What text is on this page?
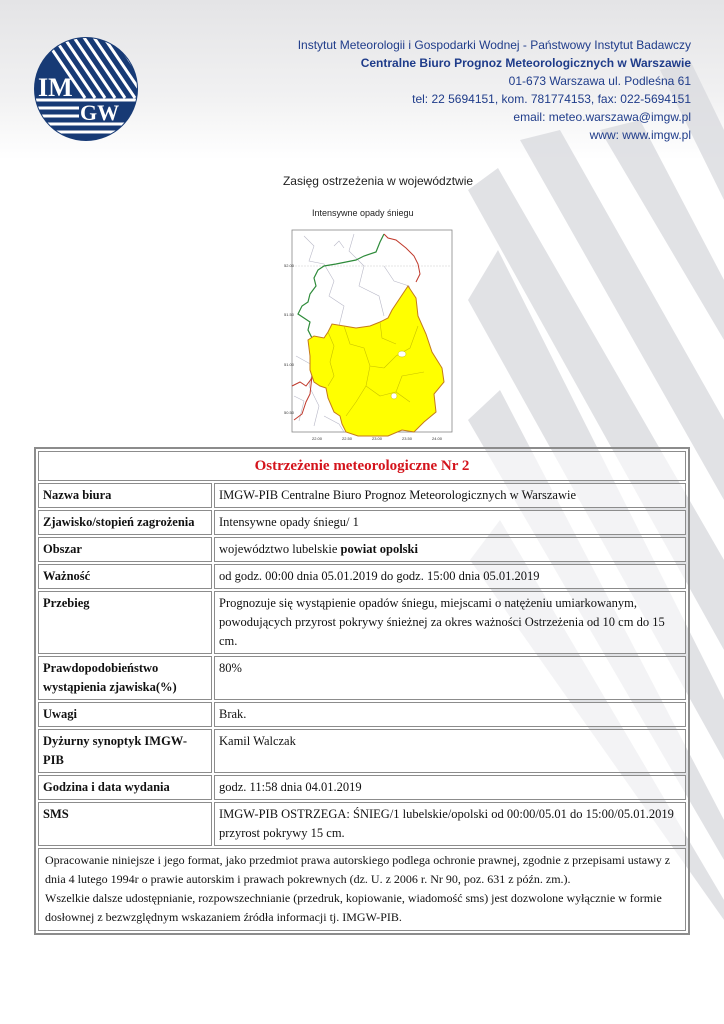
IM
GW
Instytut Meteorologii i Gospodarki Wodnej - Państwowy Instytut Badawczy
Centralne Biuro Prognoz Meteorologicznych w Warszawie
01-673 Warszawa ul. Podleśna 61
tel: 22 5694151, kom. 781774153, fax: 022-5694151
email: meteo.warszawa@imgw.pl
www: www.imgw.pl
Zasięg ostrzeżenia w województwie
Intensywne opady śniegu
52.00
51.50
51.00
50.50
22.00	22.50	23.00	23.50	24.00
Ostrzeżenie meteorologiczne Nr 2	
Nazwa biura	IMGW-PIB Centralne Biuro Prognoz Meteorologicznych w Warszawie
Zjawisko/stopień zagrożenia	Intensywne opady śniegu/ 1
Obszar	województwo lubelskie powiat opolski
Ważność	od godz. 00:00 dnia 05.01.2019 do godz. 15:00 dnia 05.01.2019
Przebieg	Prognozuje się wystąpienie opadów śniegu, miejscami o natężeniu umiarkowanym, powodujących przyrost pokrywy śnieżnej za okres ważności Ostrzeżenia od 10 cm do 15 cm.
Prawdopodobieństwo wystąpienia zjawiska(%)	80%
Uwagi	Brak.
Dyżurny synoptyk IMGW-PIB	Kamil Walczak
Godzina i data wydania	godz. 11:58 dnia 04.01.2019
SMS	IMGW-PIB OSTRZEGA: ŚNIEG/1 lubelskie/opolski od 00:00/05.01 do 15:00/05.01.2019 przyrost pokrywy 15 cm.

Opracowanie niniejsze i jego format, jako przedmiot prawa autorskiego podlega ochronie prawnej, zgodnie z przepisami ustawy z dnia 4 lutego 1994r o prawie autorskim i prawach pokrewnych (dz. U. z 2006 r. Nr 90, poz. 631 z późn. zm.).
Wszelkie dalsze udostępnianie, rozpowszechnianie (przedruk, kopiowanie, wiadomość sms) jest dozwolone wyłącznie w formie dosłownej z bezwzględnym wskazaniem źródła informacji tj. IMGW-PIB.	
